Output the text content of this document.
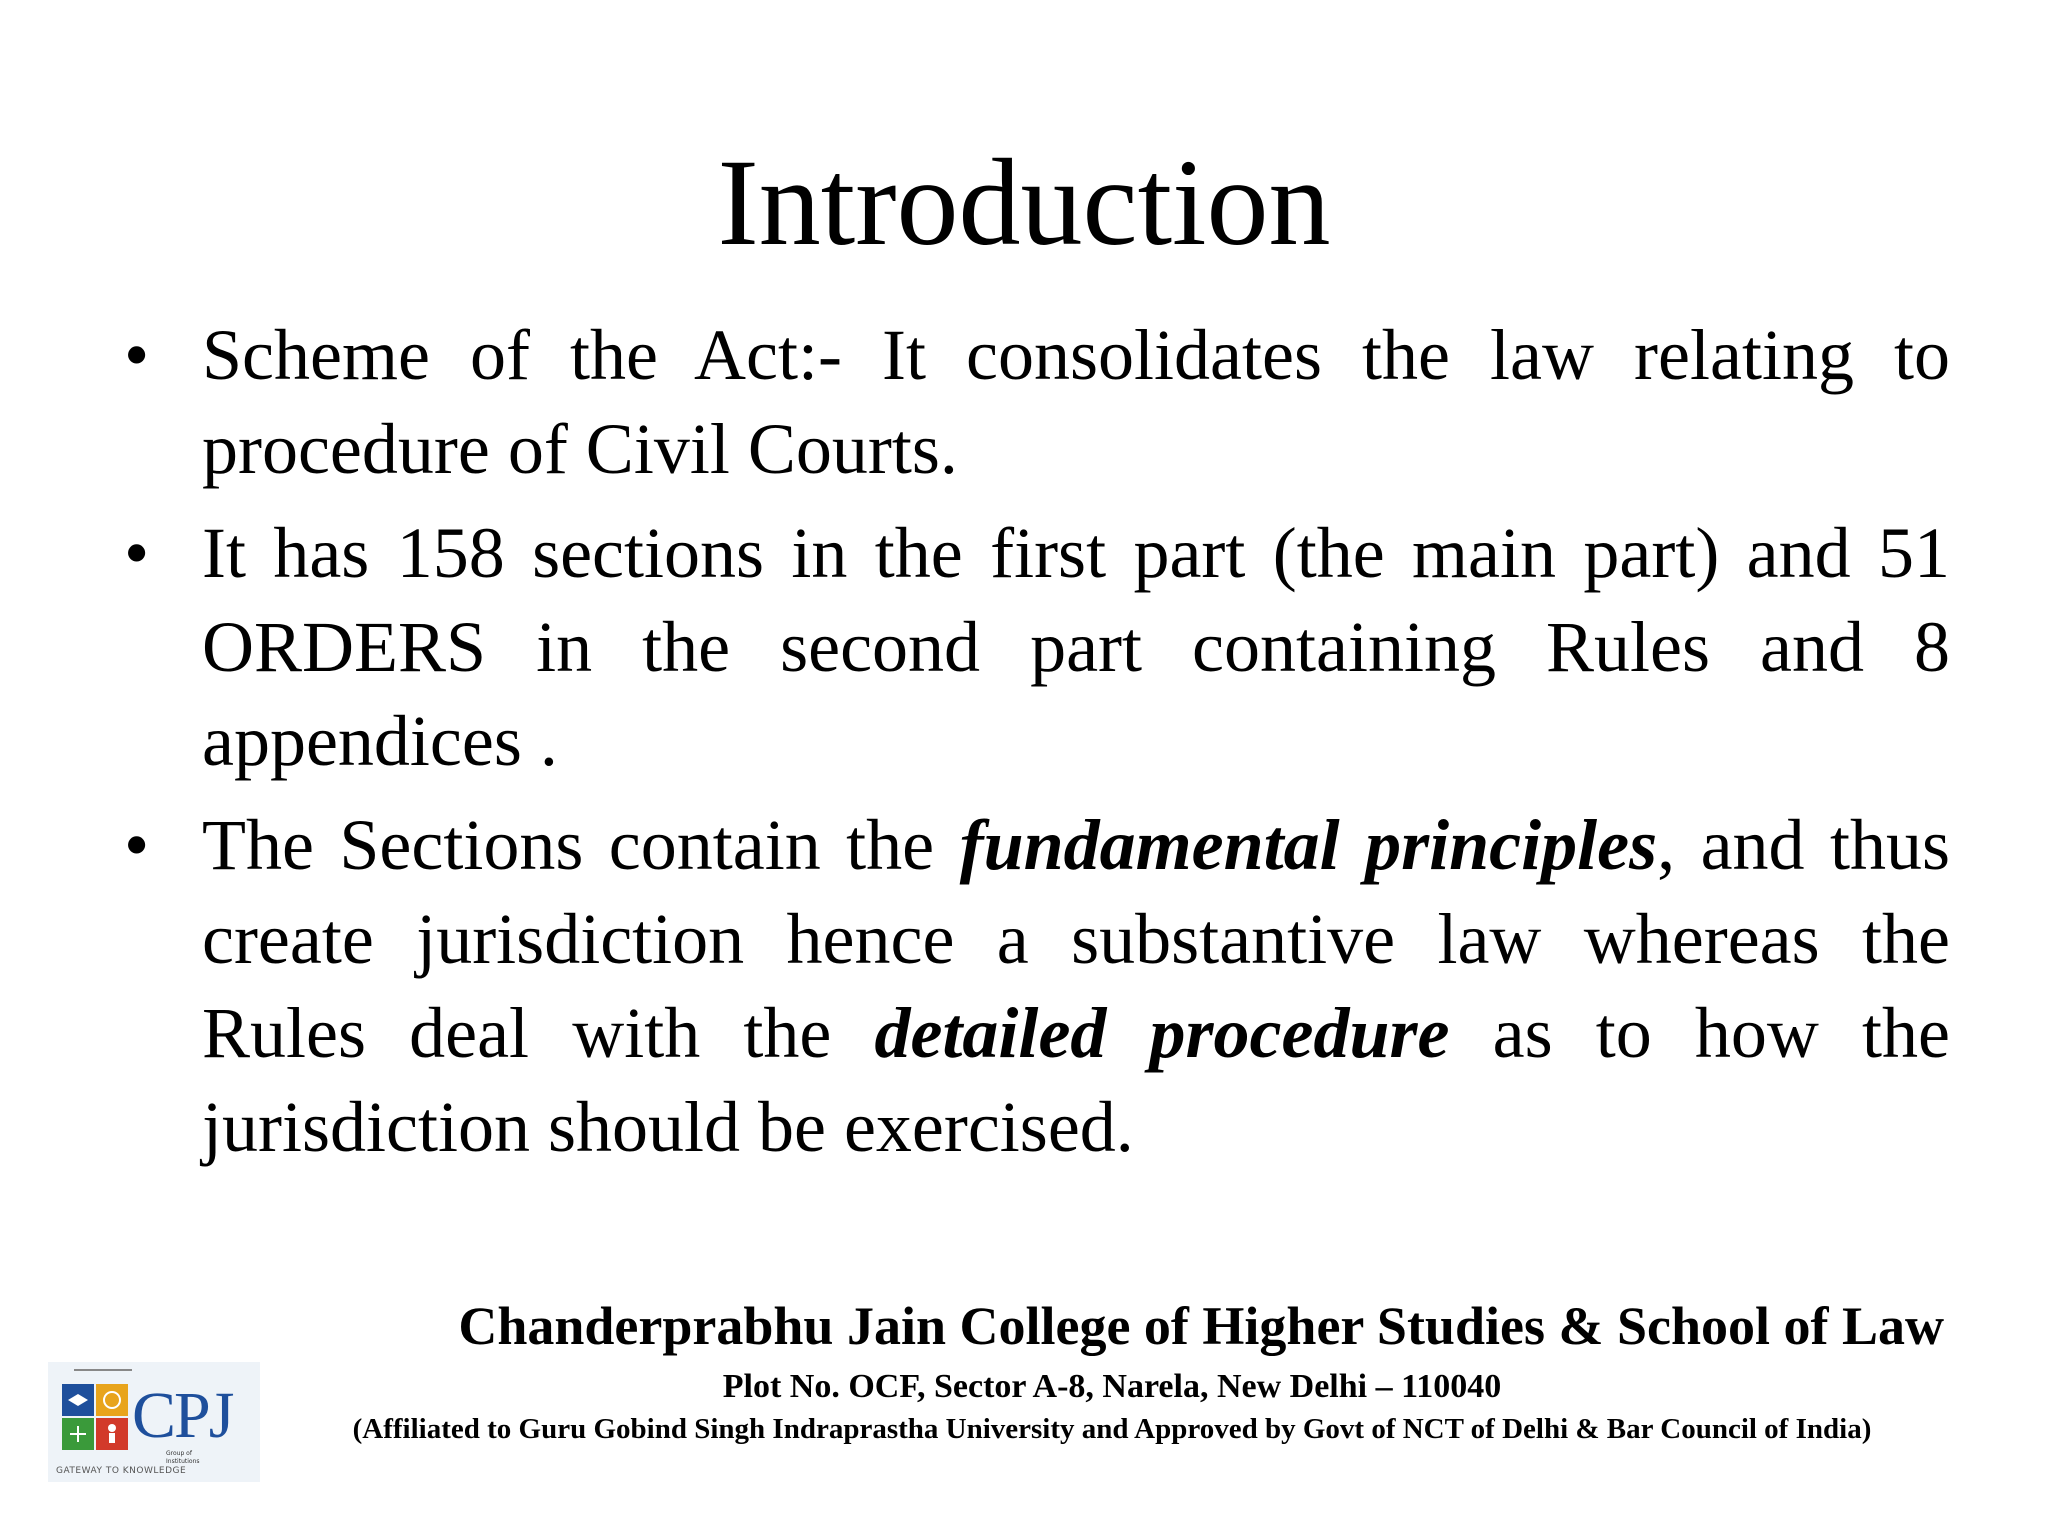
Introduction
• Scheme of the Act:- It consolidates the law relating to procedure of Civil Courts.
• It has 158 sections in the first part (the main part) and 51 ORDERS in the second part containing Rules and 8 appendices .
• The Sections contain the fundamental principles, and thus create jurisdiction hence a substantive law whereas the Rules deal with the detailed procedure as to how the jurisdiction should be exercised.
CPJ
Group of Institutions
GATEWAY TO KNOWLEDGE
Chanderprabhu Jain College of Higher Studies & School of Law
Plot No. OCF, Sector A-8, Narela, New Delhi – 110040
(Affiliated to Guru Gobind Singh Indraprastha University and Approved by Govt of NCT of Delhi & Bar Council of India)
